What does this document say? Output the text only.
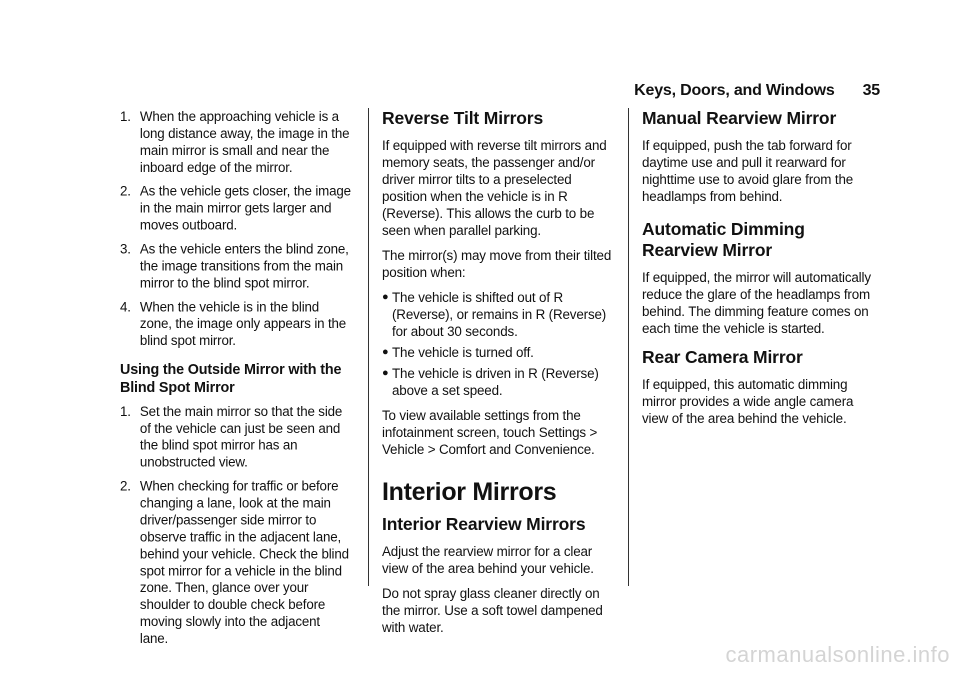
Keys, Doors, and Windows 35
1. When the approaching vehicle is a long distance away, the image in the main mirror is small and near the inboard edge of the mirror.
2. As the vehicle gets closer, the image in the main mirror gets larger and moves outboard.
3. As the vehicle enters the blind zone, the image transitions from the main mirror to the blind spot mirror.
4. When the vehicle is in the blind zone, the image only appears in the blind spot mirror.
Using the Outside Mirror with the Blind Spot Mirror
1. Set the main mirror so that the side of the vehicle can just be seen and the blind spot mirror has an unobstructed view.
2. When checking for traffic or before changing a lane, look at the main driver/passenger side mirror to observe traffic in the adjacent lane, behind your vehicle. Check the blind spot mirror for a vehicle in the blind zone. Then, glance over your shoulder to double check before moving slowly into the adjacent lane.
Reverse Tilt Mirrors

If equipped with reverse tilt mirrors and memory seats, the passenger and/or driver mirror tilts to a preselected position when the vehicle is in R (Reverse). This allows the curb to be seen when parallel parking.

The mirror(s) may move from their tilted position when:

● The vehicle is shifted out of R (Reverse), or remains in R (Reverse) for about 30 seconds.
● The vehicle is turned off.
● The vehicle is driven in R (Reverse) above a set speed.

To view available settings from the infotainment screen, touch Settings > Vehicle > Comfort and Convenience.

Interior Mirrors
Interior Rearview Mirrors

Adjust the rearview mirror for a clear view of the area behind your vehicle.

Do not spray glass cleaner directly on the mirror. Use a soft towel dampened with water.

Manual Rearview Mirror

If equipped, push the tab forward for daytime use and pull it rearward for nighttime use to avoid glare from the headlamps from behind.

Automatic Dimming Rearview Mirror

If equipped, the mirror will automatically reduce the glare of the headlamps from behind. The dimming feature comes on each time the vehicle is started.

Rear Camera Mirror

If equipped, this automatic dimming mirror provides a wide angle camera view of the area behind the vehicle.

carmanualsonline.info
